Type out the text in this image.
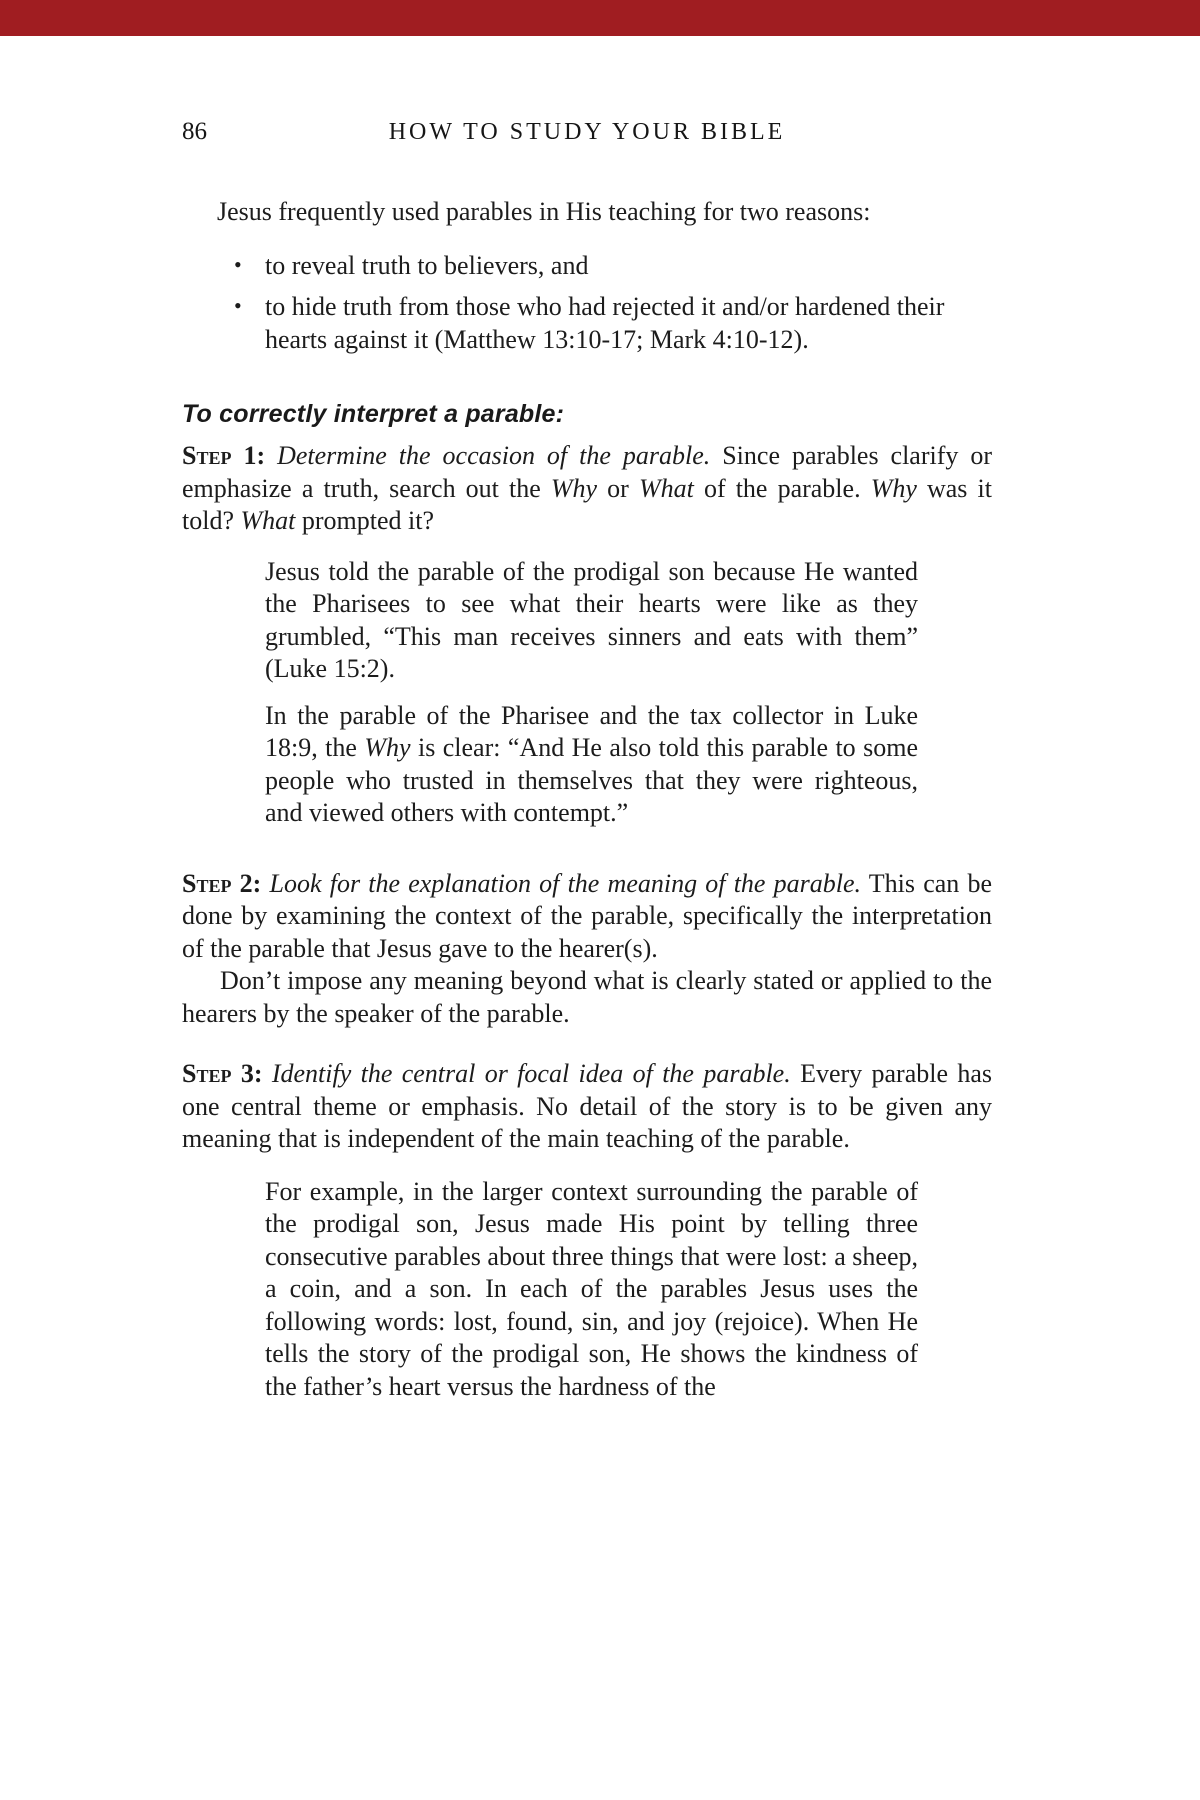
86	HOW TO STUDY YOUR BIBLE

Jesus frequently used parables in His teaching for two reasons:

• to reveal truth to believers, and
• to hide truth from those who had rejected it and/or hardened their hearts against it (Matthew 13:10-17; Mark 4:10-12).
To correctly interpret a parable:

Step 1: Determine the occasion of the parable. Since parables clarify or emphasize a truth, search out the Why or What of the parable. Why was it told? What prompted it?

Jesus told the parable of the prodigal son because He wanted the Pharisees to see what their hearts were like as they grumbled, “This man receives sinners and eats with them” (Luke 15:2).
In the parable of the Pharisee and the tax collector in Luke 18:9, the Why is clear: “And He also told this parable to some people who trusted in themselves that they were righteous, and viewed others with contempt.”

Step 2: Look for the explanation of the meaning of the parable. This can be done by examining the context of the parable, specifically the interpretation of the parable that Jesus gave to the hearer(s).

Don’t impose any meaning beyond what is clearly stated or applied to the hearers by the speaker of the parable.

Step 3: Identify the central or focal idea of the parable. Every parable has one central theme or emphasis. No detail of the story is to be given any meaning that is independent of the main teaching of the parable.

For example, in the larger context surrounding the parable of the prodigal son, Jesus made His point by telling three consecutive parables about three things that were lost: a sheep, a coin, and a son. In each of the parables Jesus uses the following words: lost, found, sin, and joy (rejoice). When He tells the story of the prodigal son, He shows the kindness of the father’s heart versus the hardness of the
